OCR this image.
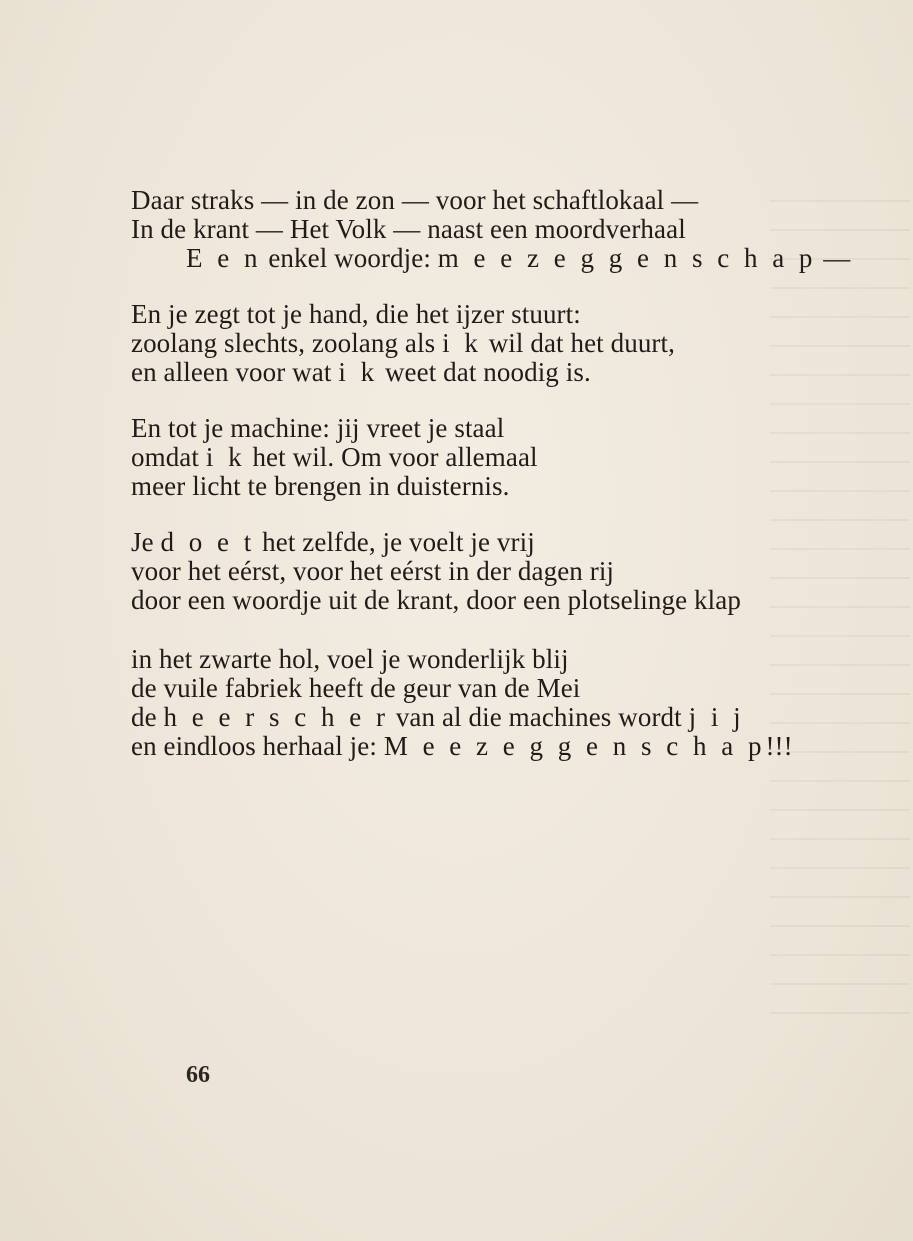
Daar straks — in de zon — voor het schaftlokaal —
In de krant — Het Volk — naast een moordverhaal
E e n enkel woordje: m e e z e g g e n s c h a p —
En je zegt tot je hand, die het ijzer stuurt:
zoolang slechts, zoolang als i k wil dat het duurt,
en alleen voor wat i k weet dat noodig is.
En tot je machine: jij vreet je staal
omdat i k het wil. Om voor allemaal
meer licht te brengen in duisternis.
Je d o e t het zelfde, je voelt je vrij
voor het eérst, voor het eérst in der dagen rij
door een woordje uit de krant, door een plotselinge klap
in het zwarte hol, voel je wonderlijk blij
de vuile fabriek heeft de geur van de Mei
de h e e r s c h e r van al die machines wordt j i j
en eindloos herhaal je: M e e z e g g e n s c h a p!!!
66
